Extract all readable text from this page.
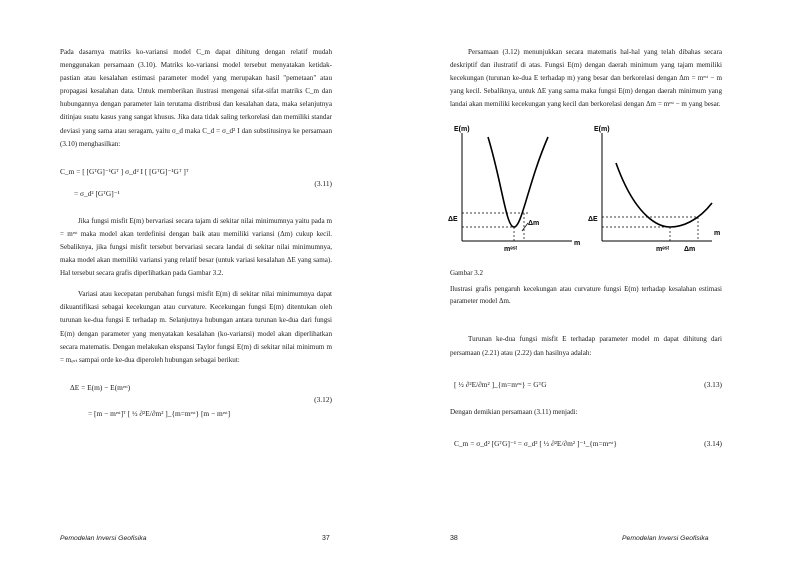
Pada dasarnya matriks ko-variansi model C_m dapat dihitung dengan relatif mudah menggunakan persamaan (3.10). Matriks ko-variansi model tersebut menyatakan ketidak-pastian atau kesalahan estimasi parameter model yang merupakan hasil "pemetaan" atau propagasi kesalahan data. Untuk memberikan ilustrasi mengenai sifat-sifat matriks C_m dan hubungannya dengan parameter lain terutama distribusi dan kesalahan data, maka selanjutnya ditinjau suatu kasus yang sangat khusus. Jika data tidak saling terkorelasi dan memiliki standar deviasi yang sama atau seragam, yaitu σ_d maka C_d = σ_d² I dan substitusinya ke persamaan (3.10) menghasilkan:

C_m = [ [GᵀG]⁻¹Gᵀ ] σ_d² I [ [GᵀG]⁻¹Gᵀ ]ᵀ
= σ_d² [GᵀG]⁻¹
(3.11)

Jika fungsi misfit E(m) bervariasi secara tajam di sekitar nilai minimumnya yaitu pada m = mᵉˢᵗ maka model akan terdefinisi dengan baik atau memiliki variansi (Δm) cukup kecil. Sebaliknya, jika fungsi misfit tersebut bervariasi secara landai di sekitar nilai minimumnya, maka model akan memiliki variansi yang relatif besar (untuk variasi kesalahan ΔE yang sama). Hal tersebut secara grafis diperlihatkan pada Gambar 3.2.

Variasi atau kecepatan perubahan fungsi misfit E(m) di sekitar nilai minimumnya dapat dikuantifikasi sebagai kecekungan atau curvature. Kecekungan fungsi E(m) ditentukan oleh turunan ke-dua fungsi E terhadap m. Selanjutnya hubungan antara turunan ke-dua dari fungsi E(m) dengan parameter yang menyatakan kesalahan (ko-variansi) model akan diperlihatkan secara matematis. Dengan melakukan ekspansi Taylor fungsi E(m) di sekitar nilai minimum m = mₑₛₜ sampai orde ke-dua diperoleh hubungan sebagai berikut:

ΔE = E(m) − E(mᵉˢᵗ)
= [m − mᵉˢᵗ]ᵀ [ ½ ∂²E/∂m² ]_{m=mᵉˢᵗ} [m − mᵉˢᵗ]
(3.12)
Pemodelan Inversi Geofisika	37

Persamaan (3.12) menunjukkan secara matematis hal-hal yang telah dibahas secara deskriptif dan ilustratif di atas. Fungsi E(m) dengan daerah minimum yang tajam memiliki kecekungan (turunan ke-dua E terhadap m) yang besar dan berkorelasi dengan Δm = mᵉˢᵗ − m yang kecil. Sebaliknya, untuk ΔE yang sama maka fungsi E(m) dengan daerah minimum yang landai akan memiliki kecekungan yang kecil dan berkorelasi dengan Δm = mᵉˢᵗ − m yang besar.

E(m)
m
ΔE
Δm
mᵉˢᵗ
E(m)
m
ΔE
Δm
mᵉˢᵗ
Gambar 3.2
Ilustrasi grafis pengaruh kecekungan atau curvature fungsi E(m) terhadap kesalahan estimasi parameter model Δm.

Turunan ke-dua fungsi misfit E terhadap parameter model m dapat dihitung dari persamaan (2.21) atau (2.22) dan hasilnya adalah:

[ ½ ∂²E/∂m² ]_{m=mᵉˢᵗ} = GᵀG	(3.13)

Dengan demikian persamaan (3.11) menjadi:

C_m = σ_d² [GᵀG]⁻¹ = σ_d² [ ½ ∂²E/∂m² ]⁻¹_{m=mᵉˢᵗ}	(3.14)
38	Pemodelan Inversi Geofisika
